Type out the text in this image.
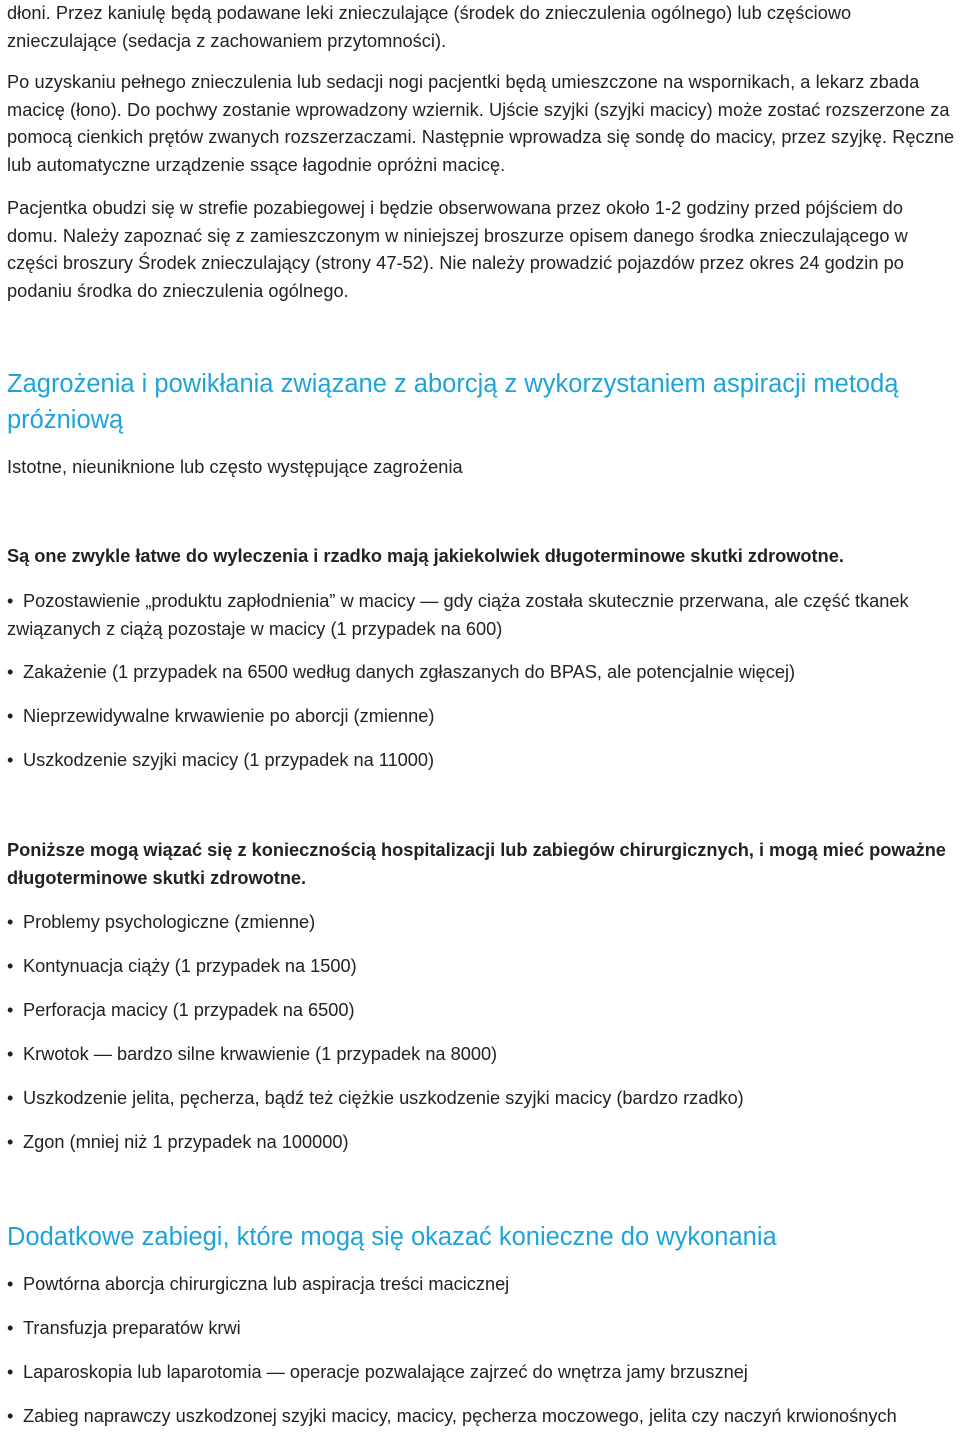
dłoni. Przez kaniulę będą podawane leki znieczulające (środek do znieczulenia ogólnego) lub częściowo znieczulające (sedacja z zachowaniem przytomności).

Po uzyskaniu pełnego znieczulenia lub sedacji nogi pacjentki będą umieszczone na wspornikach, a lekarz zbada macicę (łono). Do pochwy zostanie wprowadzony wziernik. Ujście szyjki (szyjki macicy) może zostać rozszerzone za pomocą cienkich prętów zwanych rozszerzaczami. Następnie wprowadza się sondę do macicy, przez szyjkę. Ręczne lub automatyczne urządzenie ssące łagodnie opróżni macicę.

Pacjentka obudzi się w strefie pozabiegowej i będzie obserwowana przez około 1-2 godziny przed pójściem do domu. Należy zapoznać się z zamieszczonym w niniejszej broszurze opisem danego środka znieczulającego w części broszury Środek znieczulający (strony 47-52). Nie należy prowadzić pojazdów przez okres 24 godzin po podaniu środka do znieczulenia ogólnego.

Zagrożenia i powikłania związane z aborcją z wykorzystaniem aspiracji metodą próżniową

Istotne, nieuniknione lub często występujące zagrożenia

Są one zwykle łatwe do wyleczenia i rzadko mają jakiekolwiek długoterminowe skutki zdrowotne.

• Pozostawienie „produktu zapłodnienia” w macicy — gdy ciąża została skutecznie przerwana, ale część tkanek związanych z ciążą pozostaje w macicy (1 przypadek na 600)

• Zakażenie (1 przypadek na 6500 według danych zgłaszanych do BPAS, ale potencjalnie więcej)

• Nieprzewidywalne krwawienie po aborcji (zmienne)

• Uszkodzenie szyjki macicy (1 przypadek na 11000)

Poniższe mogą wiązać się z koniecznością hospitalizacji lub zabiegów chirurgicznych, i mogą mieć poważne długoterminowe skutki zdrowotne.

• Problemy psychologiczne (zmienne)

• Kontynuacja ciąży (1 przypadek na 1500)

• Perforacja macicy (1 przypadek na 6500)

• Krwotok — bardzo silne krwawienie (1 przypadek na 8000)

• Uszkodzenie jelita, pęcherza, bądź też ciężkie uszkodzenie szyjki macicy (bardzo rzadko)

• Zgon (mniej niż 1 przypadek na 100000)

Dodatkowe zabiegi, które mogą się okazać konieczne do wykonania

• Powtórna aborcja chirurgiczna lub aspiracja treści macicznej

• Transfuzja preparatów krwi

• Laparoskopia lub laparotomia — operacje pozwalające zajrzeć do wnętrza jamy brzusznej

• Zabieg naprawczy uszkodzonej szyjki macicy, macicy, pęcherza moczowego, jelita czy naczyń krwionośnych
